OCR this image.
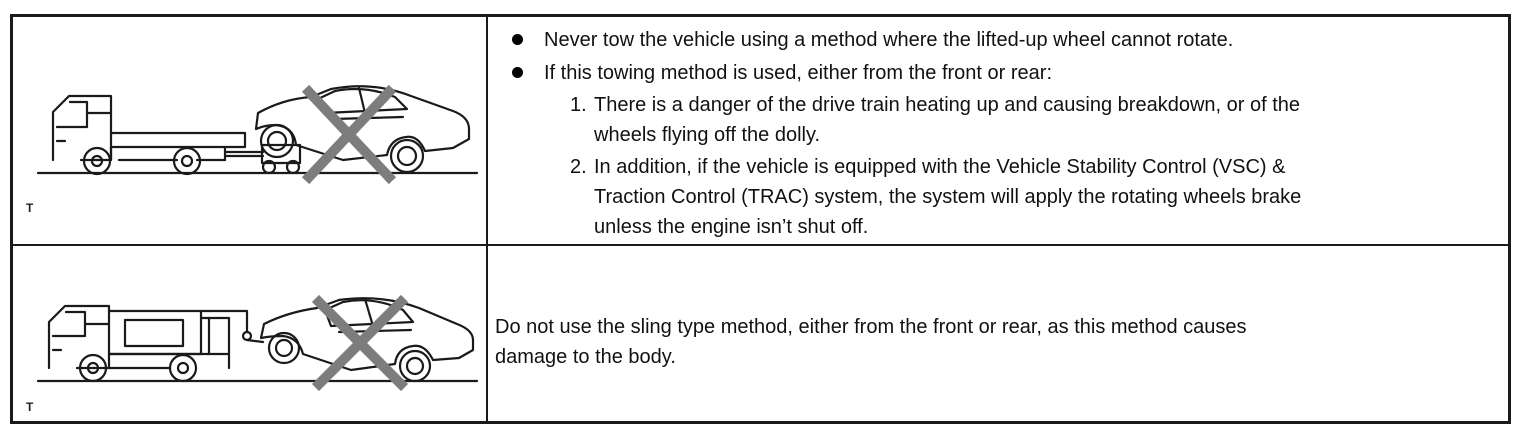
T
Never tow the vehicle using a method where the lifted-up wheel cannot rotate.
If this towing method is used, either from the front or rear:
1. There is a danger of the drive train heating up and causing breakdown, or of the
wheels flying off the dolly.
2. In addition, if the vehicle is equipped with the Vehicle Stability Control (VSC) &
Traction Control (TRAC) system, the system will apply the rotating wheels brake
unless the engine isn’t shut off.
T
Do not use the sling type method, either from the front or rear, as this method causes
damage to the body.
